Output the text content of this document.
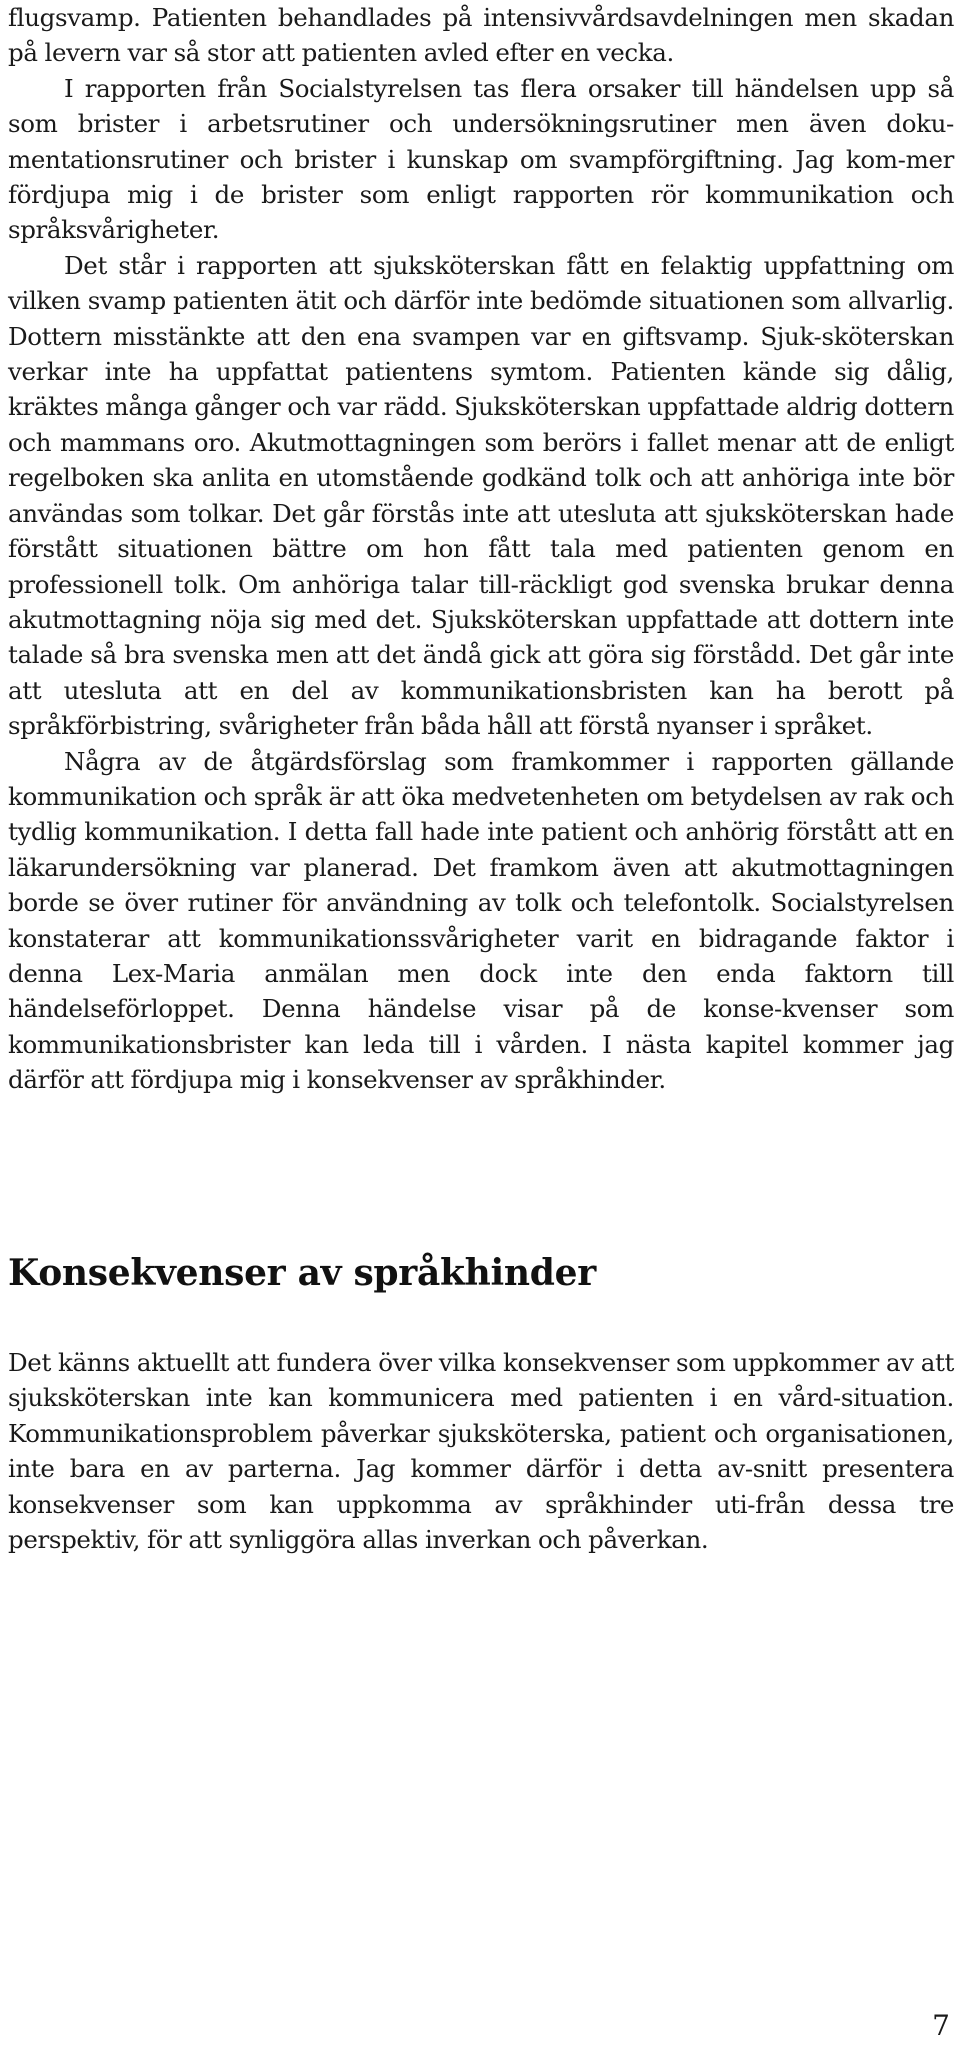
flugsvamp. Patienten behandlades på intensivvårdsavdelningen men skadan på levern var så stor att patienten avled efter en vecka.

I rapporten från Socialstyrelsen tas flera orsaker till händelsen upp så som brister i arbetsrutiner och undersökningsrutiner men även doku-mentationsrutiner och brister i kunskap om svampförgiftning. Jag kom-mer fördjupa mig i de brister som enligt rapporten rör kommunikation och språksvårigheter.

Det står i rapporten att sjuksköterskan fått en felaktig uppfattning om vilken svamp patienten ätit och därför inte bedömde situationen som allvarlig. Dottern misstänkte att den ena svampen var en giftsvamp. Sjuk-sköterskan verkar inte ha uppfattat patientens symtom. Patienten kände sig dålig, kräktes många gånger och var rädd. Sjuksköterskan uppfattade aldrig dottern och mammans oro. Akutmottagningen som berörs i fallet menar att de enligt regelboken ska anlita en utomstående godkänd tolk och att anhöriga inte bör användas som tolkar. Det går förstås inte att utesluta att sjuksköterskan hade förstått situationen bättre om hon fått tala med patienten genom en professionell tolk. Om anhöriga talar till-räckligt god svenska brukar denna akutmottagning nöja sig med det. Sjuksköterskan uppfattade att dottern inte talade så bra svenska men att det ändå gick att göra sig förstådd. Det går inte att utesluta att en del av kommunikationsbristen kan ha berott på språkförbistring, svårigheter från båda håll att förstå nyanser i språket.

Några av de åtgärdsförslag som framkommer i rapporten gällande kommunikation och språk är att öka medvetenheten om betydelsen av rak och tydlig kommunikation. I detta fall hade inte patient och anhörig förstått att en läkarundersökning var planerad. Det framkom även att akutmottagningen borde se över rutiner för användning av tolk och telefontolk. Socialstyrelsen konstaterar att kommunikationssvårigheter varit en bidragande faktor i denna Lex-Maria anmälan men dock inte den enda faktorn till händelseförloppet. Denna händelse visar på de konse-kvenser som kommunikationsbrister kan leda till i vården. I nästa kapitel kommer jag därför att fördjupa mig i konsekvenser av språkhinder.

Konsekvenser av språkhinder

Det känns aktuellt att fundera över vilka konsekvenser som uppkommer av att sjuksköterskan inte kan kommunicera med patienten i en vård-situation. Kommunikationsproblem påverkar sjuksköterska, patient och organisationen, inte bara en av parterna. Jag kommer därför i detta av-snitt presentera konsekvenser som kan uppkomma av språkhinder uti-från dessa tre perspektiv, för att synliggöra allas inverkan och påverkan.

7
